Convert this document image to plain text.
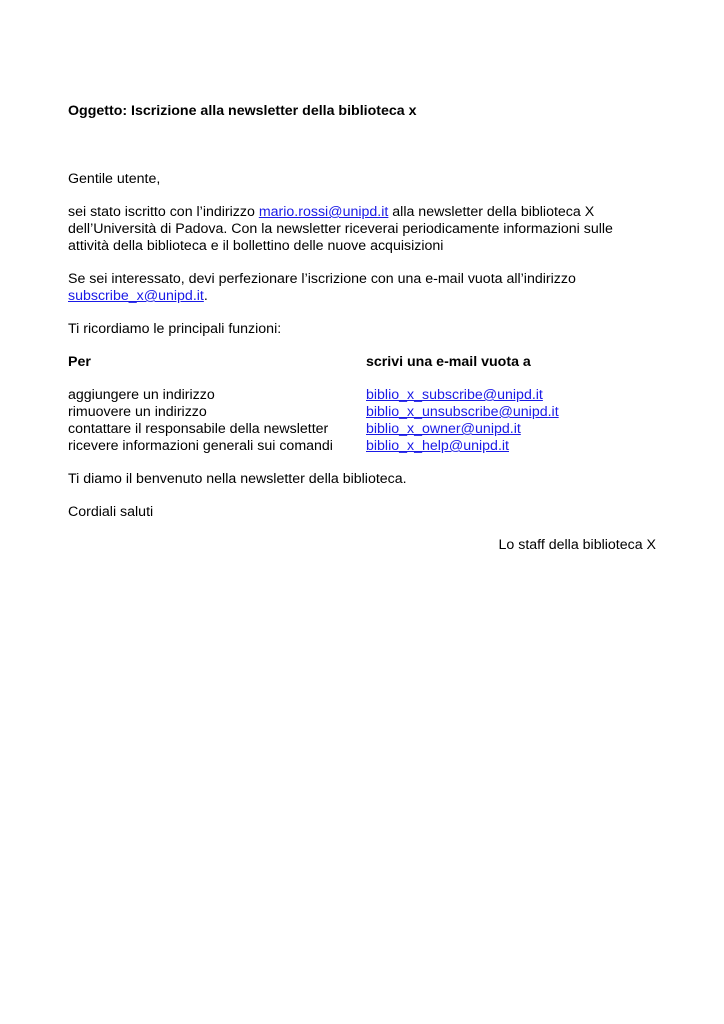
Oggetto: Iscrizione alla newsletter della biblioteca x

Gentile utente,

sei stato iscritto con l’indirizzo mario.rossi@unipd.it alla newsletter della biblioteca X dell’Università di Padova. Con la newsletter riceverai periodicamente informazioni sulle attività della biblioteca e il bollettino delle nuove acquisizioni

Se sei interessato, devi perfezionare l’iscrizione con una e-mail vuota all’indirizzo subscribe_x@unipd.it.

Ti ricordiamo le principali funzioni:

Per	scrivi una e-mail vuota a
aggiungere un indirizzo	biblio_x_subscribe@unipd.it
rimuovere un indirizzo	biblio_x_unsubscribe@unipd.it
contattare il responsabile della newsletter	biblio_x_owner@unipd.it
ricevere informazioni generali sui comandi	biblio_x_help@unipd.it

Ti diamo il benvenuto nella newsletter della biblioteca.

Cordiali saluti

Lo staff della biblioteca X
